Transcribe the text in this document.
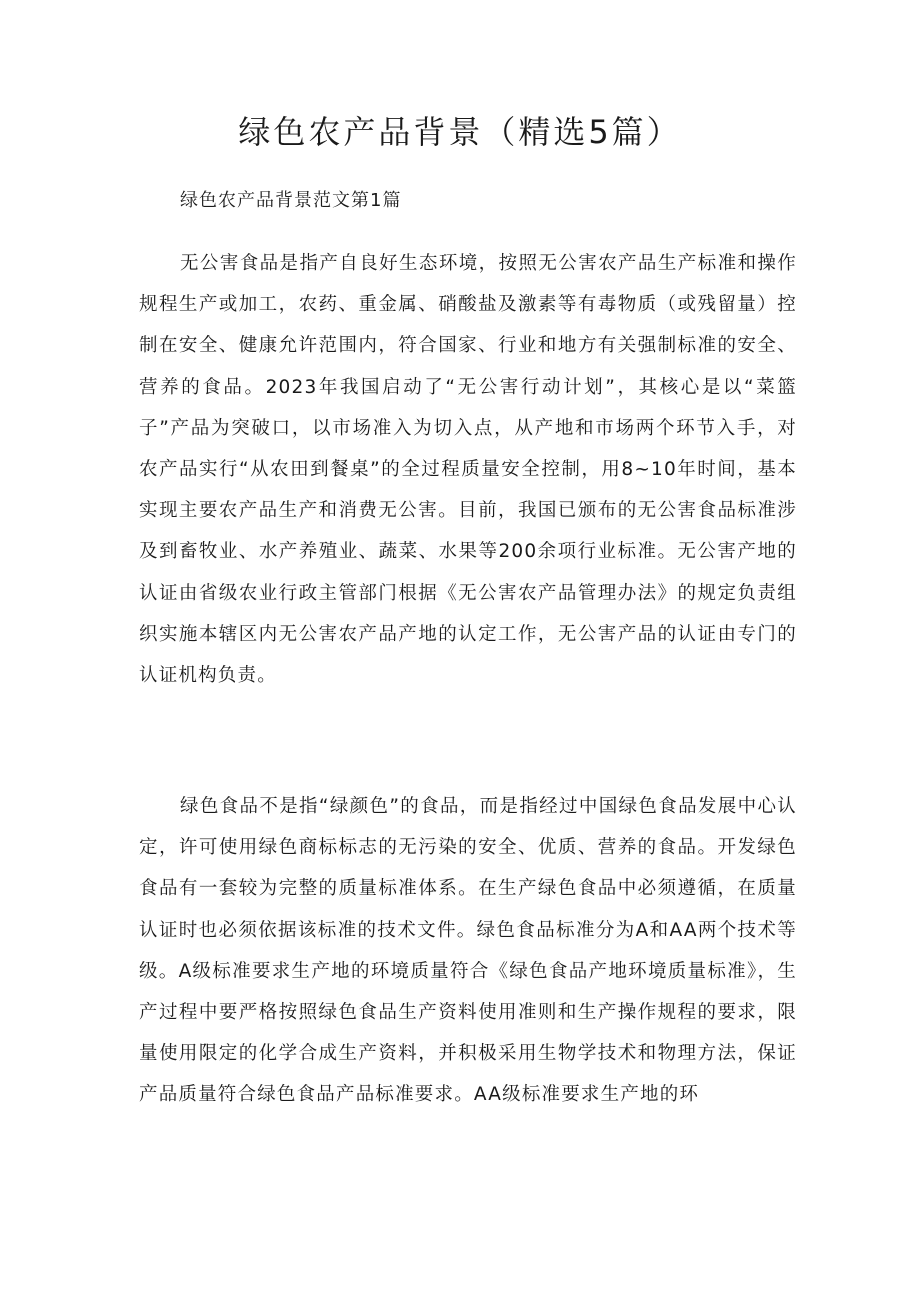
绿色农产品背景（精选5篇）

绿色农产品背景范文第1篇

无公害食品是指产自良好生态环境，按照无公害农产品生产标准和操作规程生产或加工，农药、重金属、硝酸盐及激素等有毒物质（或残留量）控制在安全、健康允许范围内，符合国家、行业和地方有关强制标准的安全、营养的食品。2023年我国启动了“无公害行动计划”，其核心是以“菜篮子”产品为突破口，以市场准入为切入点，从产地和市场两个环节入手，对农产品实行“从农田到餐桌”的全过程质量安全控制，用8~10年时间，基本实现主要农产品生产和消费无公害。目前，我国已颁布的无公害食品标准涉及到畜牧业、水产养殖业、蔬菜、水果等200余项行业标准。无公害产地的认证由省级农业行政主管部门根据《无公害农产品管理办法》的规定负责组织实施本辖区内无公害农产品产地的认定工作，无公害产品的认证由专门的认证机构负责。

绿色食品不是指“绿颜色”的食品，而是指经过中国绿色食品发展中心认定，许可使用绿色商标标志的无污染的安全、优质、营养的食品。开发绿色食品有一套较为完整的质量标准体系。在生产绿色食品中必须遵循，在质量认证时也必须依据该标准的技术文件。绿色食品标准分为A和AA两个技术等级。A级标准要求生产地的环境质量符合《绿色食品产地环境质量标准》，生产过程中要严格按照绿色食品生产资料使用准则和生产操作规程的要求，限量使用限定的化学合成生产资料，并积极采用生物学技术和物理方法，保证产品质量符合绿色食品产品标准要求。AA级标准要求生产地的环
